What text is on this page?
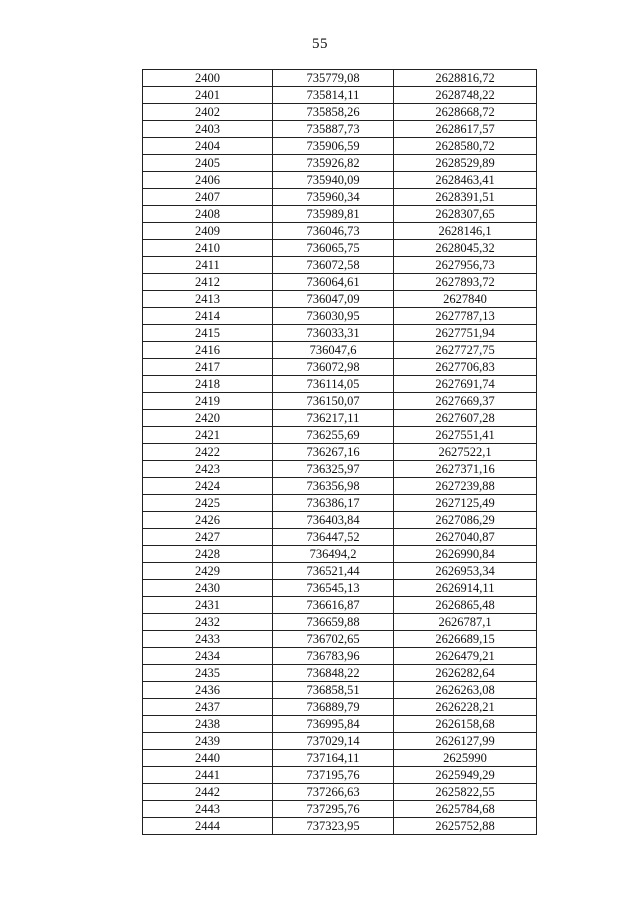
55
2400	735779,08	2628816,72
2401	735814,11	2628748,22
2402	735858,26	2628668,72
2403	735887,73	2628617,57
2404	735906,59	2628580,72
2405	735926,82	2628529,89
2406	735940,09	2628463,41
2407	735960,34	2628391,51
2408	735989,81	2628307,65
2409	736046,73	2628146,1
2410	736065,75	2628045,32
2411	736072,58	2627956,73
2412	736064,61	2627893,72
2413	736047,09	2627840
2414	736030,95	2627787,13
2415	736033,31	2627751,94
2416	736047,6	2627727,75
2417	736072,98	2627706,83
2418	736114,05	2627691,74
2419	736150,07	2627669,37
2420	736217,11	2627607,28
2421	736255,69	2627551,41
2422	736267,16	2627522,1
2423	736325,97	2627371,16
2424	736356,98	2627239,88
2425	736386,17	2627125,49
2426	736403,84	2627086,29
2427	736447,52	2627040,87
2428	736494,2	2626990,84
2429	736521,44	2626953,34
2430	736545,13	2626914,11
2431	736616,87	2626865,48
2432	736659,88	2626787,1
2433	736702,65	2626689,15
2434	736783,96	2626479,21
2435	736848,22	2626282,64
2436	736858,51	2626263,08
2437	736889,79	2626228,21
2438	736995,84	2626158,68
2439	737029,14	2626127,99
2440	737164,11	2625990
2441	737195,76	2625949,29
2442	737266,63	2625822,55
2443	737295,76	2625784,68
2444	737323,95	2625752,88
